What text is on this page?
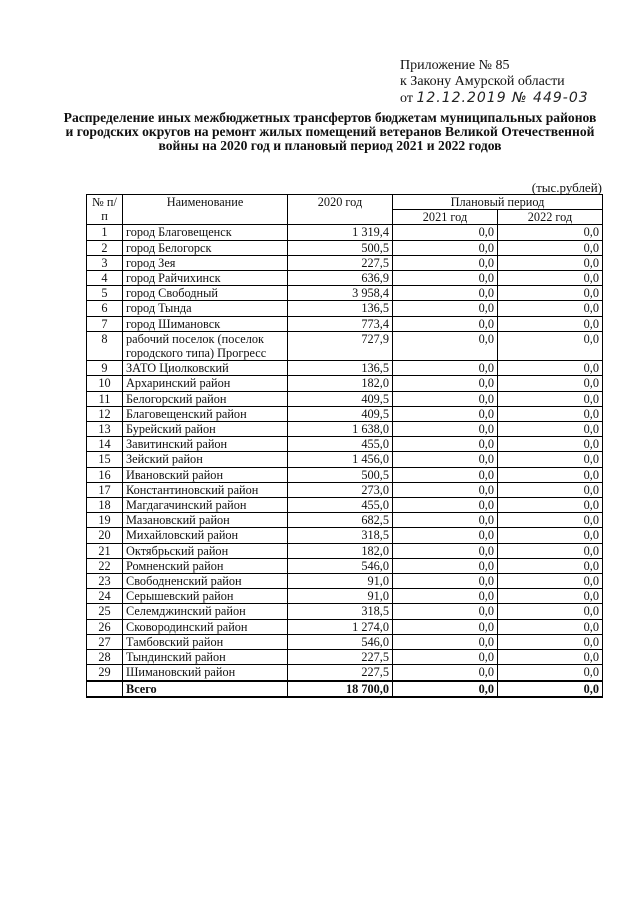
Приложение № 85
к Закону Амурской области
от 12.12.2019 № 449-03
Распределение иных межбюджетных трансфертов бюджетам муниципальных районов и городских округов на ремонт жилых помещений ветеранов Великой Отечественной войны на 2020 год и плановый период 2021 и 2022 годов
(тыс.рублей)
№ п/п	Наименование	2020 год	Плановый период	
			2021 год	2022 год
1	город Благовещенск	1 319,4	0,0	0,0
2	город Белогорск	500,5	0,0	0,0
3	город Зея	227,5	0,0	0,0
4	город Райчихинск	636,9	0,0	0,0
5	город Свободный	3 958,4	0,0	0,0
6	город Тында	136,5	0,0	0,0
7	город Шимановск	773,4	0,0	0,0
8	рабочий поселок (поселок городского типа) Прогресс	727,9	0,0	0,0
9	ЗАТО Циолковский	136,5	0,0	0,0
10	Архаринский район	182,0	0,0	0,0
11	Белогорский район	409,5	0,0	0,0
12	Благовещенский район	409,5	0,0	0,0
13	Бурейский район	1 638,0	0,0	0,0
14	Завитинский район	455,0	0,0	0,0
15	Зейский район	1 456,0	0,0	0,0
16	Ивановский район	500,5	0,0	0,0
17	Константиновский район	273,0	0,0	0,0
18	Магдагачинский район	455,0	0,0	0,0
19	Мазановский район	682,5	0,0	0,0
20	Михайловский район	318,5	0,0	0,0
21	Октябрьский район	182,0	0,0	0,0
22	Ромненский район	546,0	0,0	0,0
23	Свободненский район	91,0	0,0	0,0
24	Серышевский район	91,0	0,0	0,0
25	Селемджинский район	318,5	0,0	0,0
26	Сковородинский район	1 274,0	0,0	0,0
27	Тамбовский район	546,0	0,0	0,0
28	Тындинский район	227,5	0,0	0,0
29	Шимановский район	227,5	0,0	0,0
	Всего	18 700,0	0,0	0,0
